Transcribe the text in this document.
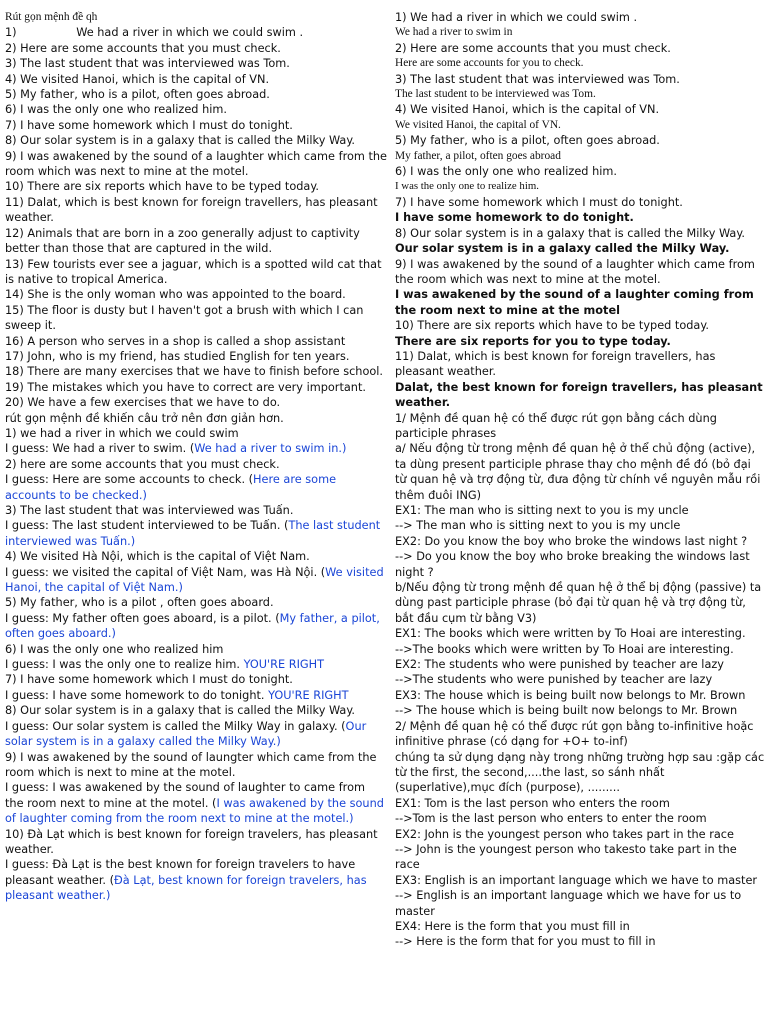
Rút gọn mệnh đề qh

1)	We had a river in which we could swim .

2) Here are some accounts that you must check.

3) The last student that was interviewed was Tom.

4) We visited Hanoi, which is the capital of VN.

5) My father, who is a pilot, often goes abroad.

6) I was the only one who realized him.

7) I have some homework which I must do tonight.

8) Our solar system is in a galaxy that is called the Milky Way.

9) I was awakened by the sound of a laughter which came from the room which was next to mine at the motel.

10) There are six reports which have to be typed today.

11) Dalat, which is best known for foreign travellers, has pleasant weather.

12) Animals that are born in a zoo generally adjust to captivity better than those that are captured in the wild.

13) Few tourists ever see a jaguar, which is a spotted wild cat that is native to tropical America.

14) She is the only woman who was appointed to the board.

15) The floor is dusty but I haven't got a brush with which I can sweep it.

16) A person who serves in a shop is called a shop assistant

17) John, who is my friend, has studied English for ten years.

18) There are many exercises that we have to finish before school.

19) The mistakes which you have to correct are very important.

20) We have a few exercises that we have to do.

rút gọn mệnh đề khiến câu trở nên đơn giản hơn.

1) we had a river in which we could swim

I guess: We had a river to swim. (We had a river to swim in.)

2) here are some accounts that you must check.

I guess: Here are some accounts to check. (Here are some accounts to be checked.)

3) The last student that was interviewed was Tuấn.

I guess: The last student interviewed to be Tuấn. (The last student interviewed was Tuấn.)

4) We visited Hà Nội, which is the capital of Việt Nam.

I guess: we visited the capital of Việt Nam, was Hà Nội. (We visited Hanoi, the capital of Việt Nam.)

5) My father, who is a pilot , often goes aboard.

I guess: My father often goes aboard, is a pilot. (My father, a pilot, often goes aboard.)

6) I was the only one who realized him

I guess: I was the only one to realize him. YOU'RE RIGHT

7) I have some homework which I must do tonight.

I guess: I have some homework to do tonight. YOU'RE RIGHT

8) Our solar system is in a galaxy that is called the Milky Way.

I guess: Our solar system is called the Milky Way in galaxy. (Our solar system is in a galaxy called the Milky Way.)

9) I was awakened by the sound of laungter which came from the room which is next to mine at the motel.

I guess: I was awakened by the sound of laughter to came from the room next to mine at the motel. (I was awakened by the sound of laughter coming from the room next to mine at the motel.)

10) Đà Lạt which is best known for foreign travelers, has pleasant weather.

I guess: Đà Lạt is the best known for foreign travelers to have pleasant weather. (Đà Lạt, best known for foreign travelers, has pleasant weather.)

1) We had a river in which we could swim .

We had a river to swim in

2) Here are some accounts that you must check.

Here are some accounts for you to check.

3) The last student that was interviewed was Tom.

The last student to be interviewed was Tom.

4) We visited Hanoi, which is the capital of VN.

We visited Hanoi, the capital of VN.

5) My father, who is a pilot, often goes abroad.

My father, a pilot, often goes abroad

6) I was the only one who realized him.

I was the only one to realize him.

7) I have some homework which I must do tonight.

I have some homework to do tonight.

8) Our solar system is in a galaxy that is called the Milky Way.

Our solar system is in a galaxy called the Milky Way.

9) I was awakened by the sound of a laughter which came from the room which was next to mine at the motel.

I was awakened by the sound of a laughter coming from the room next to mine at the motel

10) There are six reports which have to be typed today.

There are six reports for you to type today.

11) Dalat, which is best known for foreign travellers, has pleasant weather.

Dalat, the best known for foreign travellers, has pleasant weather.

1/ Mệnh đề quan hệ có thể được rút gọn bằng cách dùng participle phrases

a/ Nếu động từ trong mệnh đề quan hệ ở thể chủ động (active), ta dùng present participle phrase thay cho mệnh đề đó (bỏ đại từ quan hệ và trợ động từ, đưa động từ chính về nguyên mẫu rồi thêm đuôi ING)

EX1: The man who is sitting next to you is my uncle

--> The man who is sitting next to you is my uncle

EX2: Do you know the boy who broke the windows last night ?

--> Do you know the boy who broke breaking the windows last night ?

b/Nếu động từ trong mệnh đề quan hệ ở thể bị động (passive) ta dùng past participle phrase (bỏ đại từ quan hệ và trợ động từ, bắt đầu cụm từ bằng V3)

EX1: The books which were written by To Hoai are interesting.

-->The books which were written by To Hoai are interesting.

EX2: The students who were punished by teacher are lazy

-->The students who were punished by teacher are lazy

EX3: The house which is being built now belongs to Mr. Brown

--> The house which is being built now belongs to Mr. Brown

2/ Mệnh đề quan hệ có thể được rút gọn bằng to-infinitive hoặc infinitive phrase (có dạng for +O+ to-inf)

chúng ta sử dụng dạng này trong những trường hợp sau :gặp các từ the first, the second,....the last, so sánh nhất (superlative),mục đích (purpose), .........

EX1: Tom is the last person who enters the room

-->Tom is the last person who enters to enter the room

EX2: John is the youngest person who takes part in the race

--> John is the youngest person who takesto take part in the race

EX3: English is an important language which we have to master

--> English is an important language which we have for us to master

EX4: Here is the form that you must fill in

--> Here is the form that for you must to fill in
